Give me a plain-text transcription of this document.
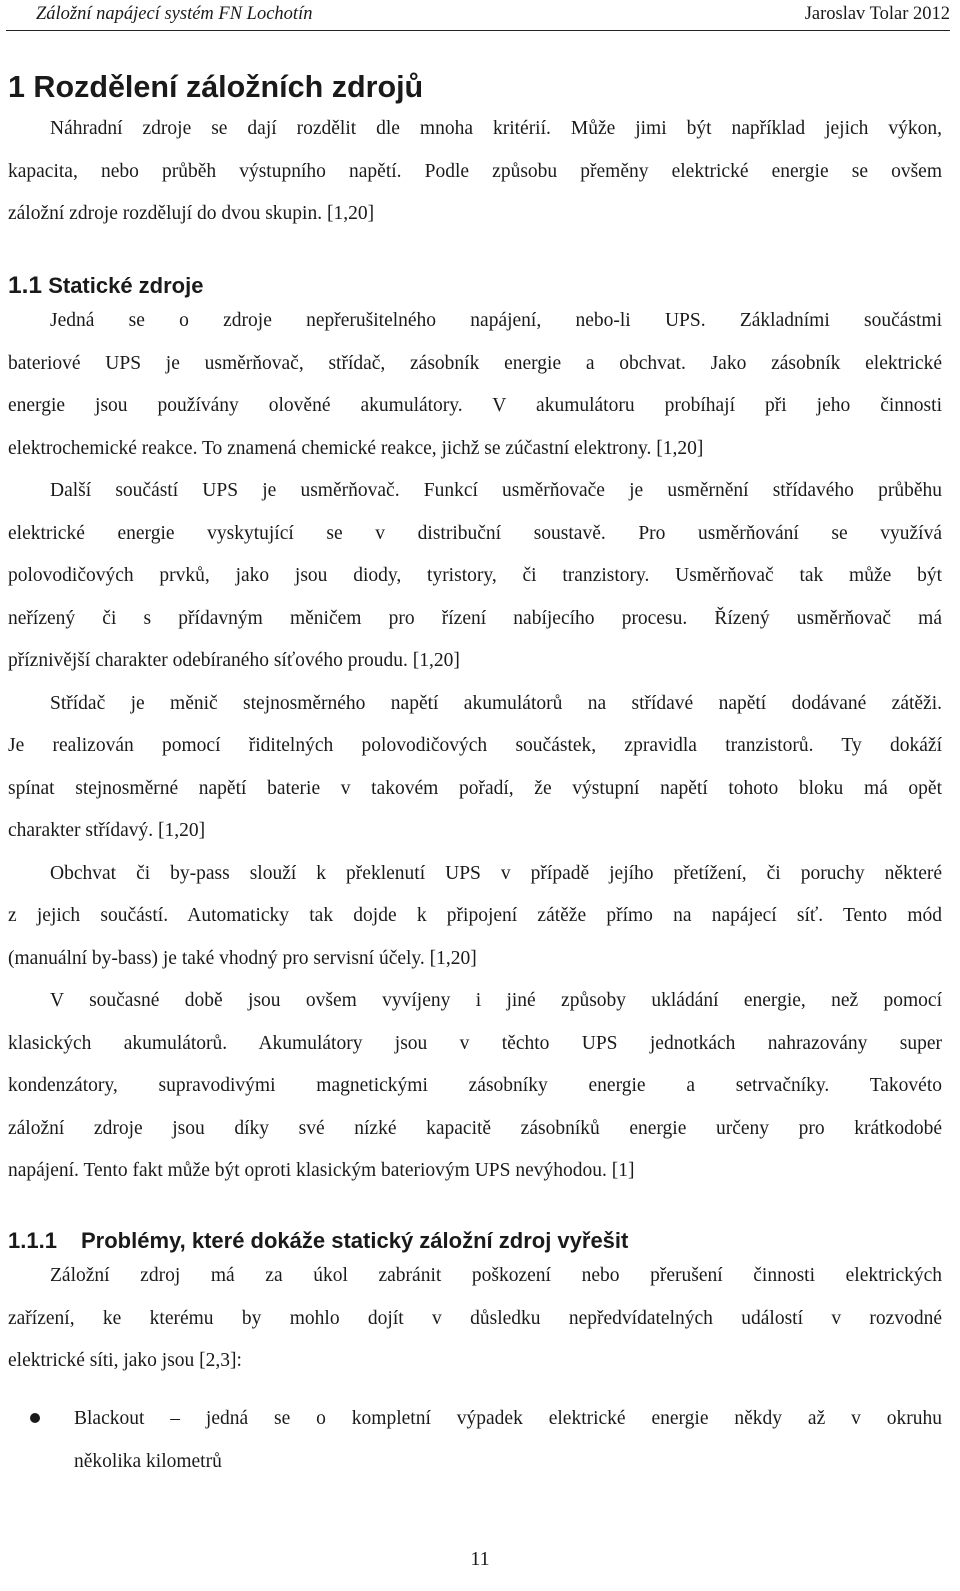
Záložní napájecí systém FN Lochotín	Jaroslav Tolar 2012
1 Rozdělení záložních zdrojů
Náhradní zdroje se dají rozdělit dle mnoha kritérií. Může jimi být například jejich výkon,
kapacita, nebo průběh výstupního napětí. Podle způsobu přeměny elektrické energie se ovšem
záložní zdroje rozdělují do dvou skupin. [1,20]
1.1 Statické zdroje
Jedná se o zdroje nepřerušitelného napájení, nebo-li UPS. Základními součástmi
bateriové UPS je usměrňovač, střídač, zásobník energie a obchvat. Jako zásobník elektrické
energie jsou používány olověné akumulátory. V akumulátoru probíhají při jeho činnosti
elektrochemické reakce. To znamená chemické reakce, jichž se zúčastní elektrony. [1,20]
Další součástí UPS je usměrňovač. Funkcí usměrňovače je usměrnění střídavého průběhu
elektrické energie vyskytující se v distribuční soustavě. Pro usměrňování se využívá
polovodičových prvků, jako jsou diody, tyristory, či tranzistory. Usměrňovač tak může být
neřízený či s přídavným měničem pro řízení nabíjecího procesu. Řízený usměrňovač má
příznivější charakter odebíraného síťového proudu. [1,20]
Střídač je měnič stejnosměrného napětí akumulátorů na střídavé napětí dodávané zátěži.
Je realizován pomocí řiditelných polovodičových součástek, zpravidla tranzistorů. Ty dokáží
spínat stejnosměrné napětí baterie v takovém pořadí, že výstupní napětí tohoto bloku má opět
charakter střídavý. [1,20]
Obchvat či by-pass slouží k překlenutí UPS v případě jejího přetížení, či poruchy některé
z jejich součástí. Automaticky tak dojde k připojení zátěže přímo na napájecí síť. Tento mód
(manuální by-bass) je také vhodný pro servisní účely. [1,20]
V současné době jsou ovšem vyvíjeny i jiné způsoby ukládání energie, než pomocí
klasických akumulátorů. Akumulátory jsou v těchto UPS jednotkách nahrazovány super
kondenzátory, supravodivými magnetickými zásobníky energie a setrvačníky. Takovéto
záložní zdroje jsou díky své nízké kapacitě zásobníků energie určeny pro krátkodobé
napájení. Tento fakt může být oproti klasickým bateriovým UPS nevýhodou. [1]
1.1.1 Problémy, které dokáže statický záložní zdroj vyřešit
Záložní zdroj má za úkol zabránit poškození nebo přerušení činnosti elektrických
zařízení, ke kterému by mohlo dojít v důsledku nepředvídatelných událostí v rozvodné
elektrické síti, jako jsou [2,3]:
Blackout – jedná se o kompletní výpadek elektrické energie někdy až v okruhu
několika kilometrů
11
